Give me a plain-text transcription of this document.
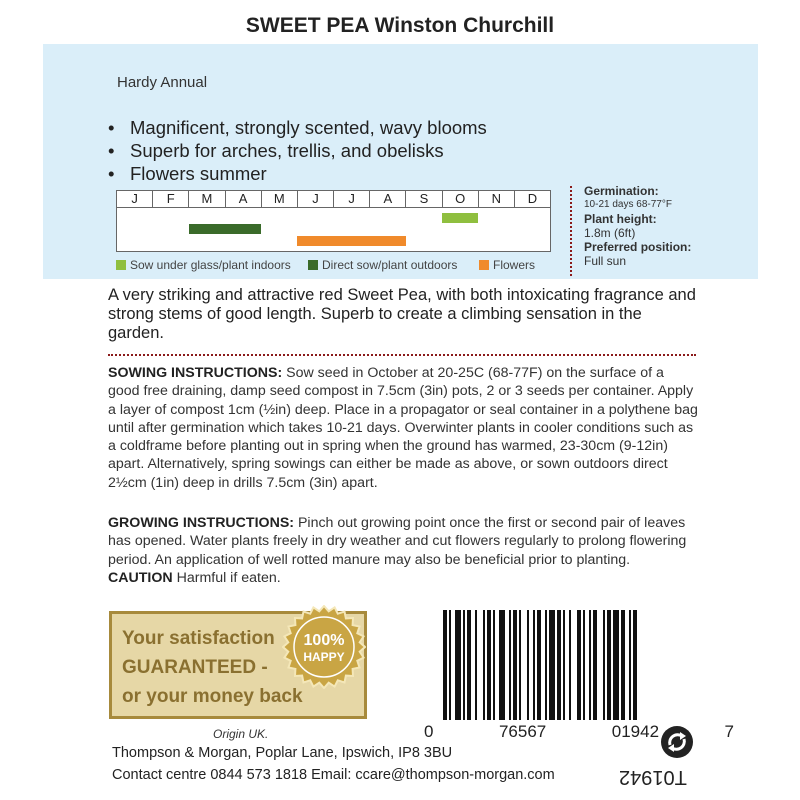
SWEET PEA Winston Churchill
Hardy Annual
• Magnificent, strongly scented, wavy blooms
• Superb for arches, trellis, and obelisks
• Flowers summer
J	F	M	A	M	J	J	A	S	O	N	D
Sow under glass/plant indoors	Direct sow/plant outdoors	Flowers
Germination:
10-21 days 68-77°F
Plant height:
1.8m (6ft)
Preferred position:
Full sun
A very striking and attractive red Sweet Pea, with both intoxicating fragrance and strong stems of good length. Superb to create a climbing sensation in the garden.
SOWING INSTRUCTIONS: Sow seed in October at 20-25C (68-77F) on the surface of a good free draining, damp seed compost in 7.5cm (3in) pots, 2 or 3 seeds per container. Apply a layer of compost 1cm (½in) deep. Place in a propagator or seal container in a polythene bag until after germination which takes 10-21 days. Overwinter plants in cooler conditions such as a coldframe before planting out in spring when the ground has warmed, 23-30cm (9-12in) apart. Alternatively, spring sowings can either be made as above, or sown outdoors direct 2½cm (1in) deep in drills 7.5cm (3in) apart.
GROWING INSTRUCTIONS: Pinch out growing point once the first or second pair of leaves has opened. Water plants freely in dry weather and cut flowers regularly to prolong flowering period. An application of well rotted manure may also be beneficial prior to planting. CAUTION Harmful if eaten.
Your satisfaction
GUARANTEED -
or your money back
100%
HAPPY
0	76567	01942	7
Origin UK.
Thompson & Morgan, Poplar Lane, Ipswich, IP8 3BU
Contact centre 0844 573 1818 Email: ccare@thompson-morgan.com	T01942
